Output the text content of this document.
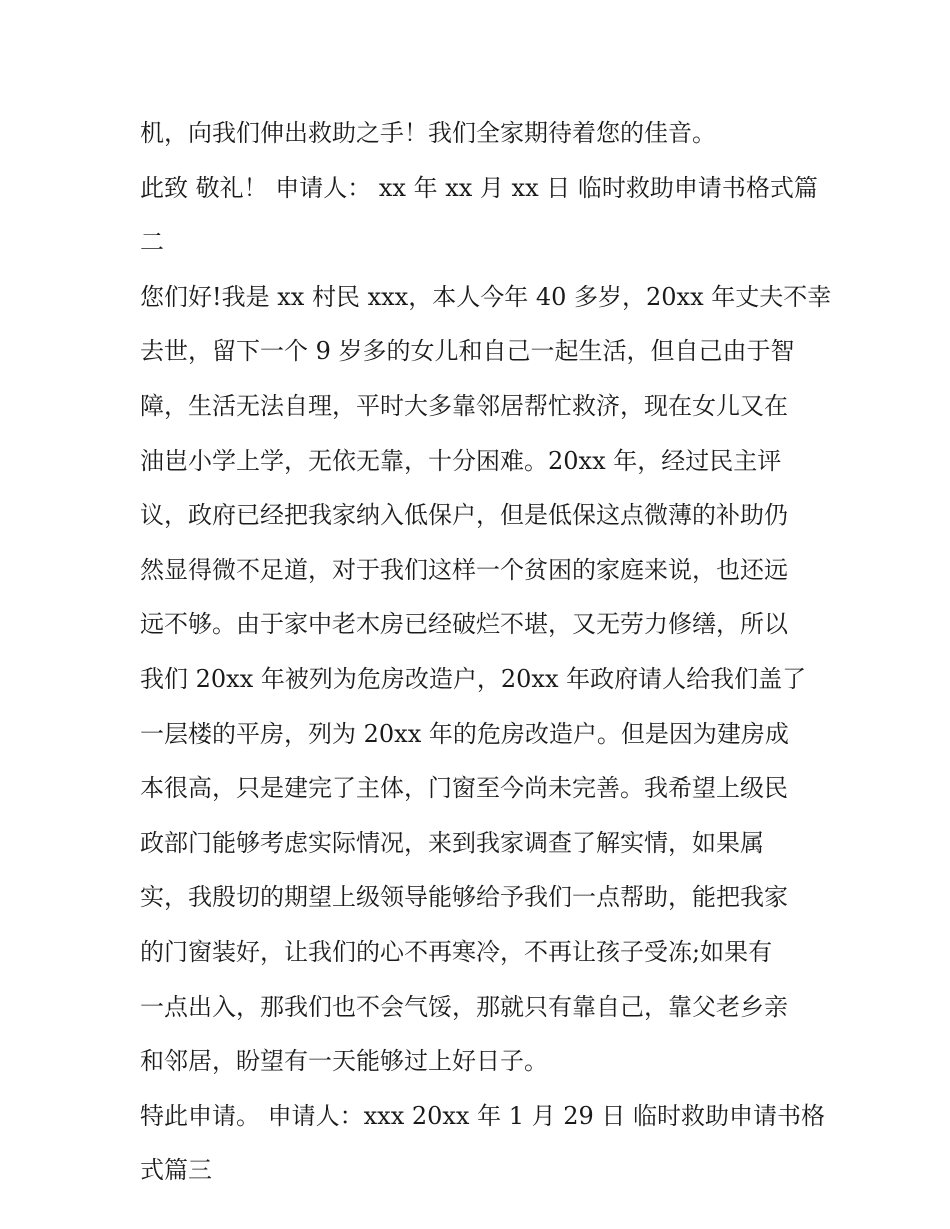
机，向我们伸出救助之手！我们全家期待着您的佳音。
此致 敬礼！ 申请人： xx 年 xx 月 xx 日 临时救助申请书格式篇
二
您们好!我是 xx 村民 xxx，本人今年 40 多岁，20xx 年丈夫不幸
去世，留下一个 9 岁多的女儿和自己一起生活，但自己由于智
障，生活无法自理，平时大多靠邻居帮忙救济，现在女儿又在
油岜小学上学，无依无靠，十分困难。20xx 年，经过民主评
议，政府已经把我家纳入低保户，但是低保这点微薄的补助仍
然显得微不足道，对于我们这样一个贫困的家庭来说，也还远
远不够。由于家中老木房已经破烂不堪，又无劳力修缮，所以
我们 20xx 年被列为危房改造户，20xx 年政府请人给我们盖了
一层楼的平房，列为 20xx 年的危房改造户。但是因为建房成
本很高，只是建完了主体，门窗至今尚未完善。我希望上级民
政部门能够考虑实际情况，来到我家调查了解实情，如果属
实，我殷切的期望上级领导能够给予我们一点帮助，能把我家
的门窗装好，让我们的心不再寒冷，不再让孩子受冻;如果有
一点出入，那我们也不会气馁，那就只有靠自己，靠父老乡亲
和邻居，盼望有一天能够过上好日子。
特此申请。 申请人：xxx 20xx 年 1 月 29 日 临时救助申请书格
式篇三
